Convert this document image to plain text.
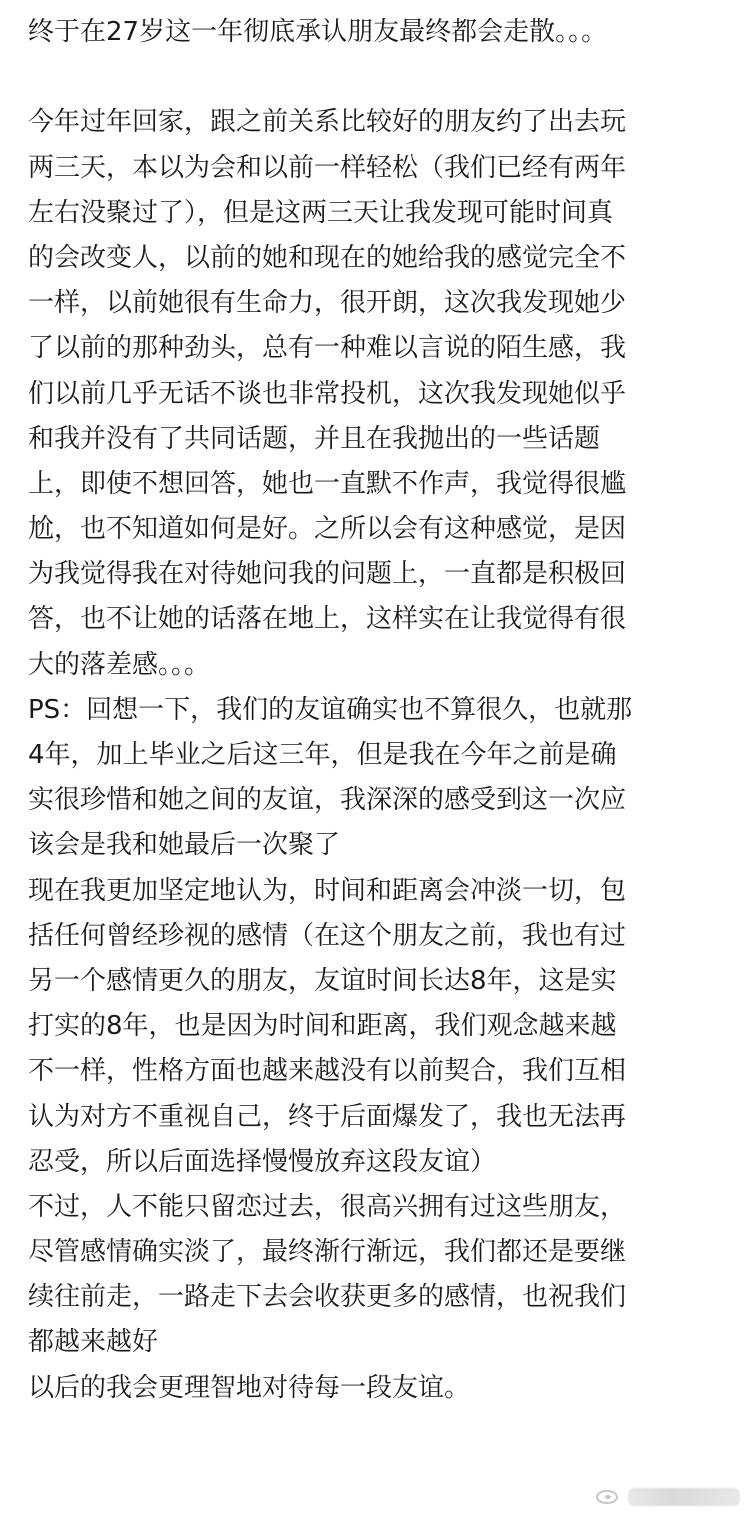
终于在27岁这一年彻底承认朋友最终都会走散。。。
今年过年回家，跟之前关系比较好的朋友约了出去玩
两三天，本以为会和以前一样轻松（我们已经有两年
左右没聚过了），但是这两三天让我发现可能时间真
的会改变人，以前的她和现在的她给我的感觉完全不
一样，以前她很有生命力，很开朗，这次我发现她少
了以前的那种劲头，总有一种难以言说的陌生感，我
们以前几乎无话不谈也非常投机，这次我发现她似乎
和我并没有了共同话题，并且在我抛出的一些话题
上，即使不想回答，她也一直默不作声，我觉得很尴
尬，也不知道如何是好。之所以会有这种感觉，是因
为我觉得我在对待她问我的问题上，一直都是积极回
答，也不让她的话落在地上，这样实在让我觉得有很
大的落差感。。。
PS：回想一下，我们的友谊确实也不算很久，也就那
4年，加上毕业之后这三年，但是我在今年之前是确
实很珍惜和她之间的友谊，我深深的感受到这一次应
该会是我和她最后一次聚了
现在我更加坚定地认为，时间和距离会冲淡一切，包
括任何曾经珍视的感情（在这个朋友之前，我也有过
另一个感情更久的朋友，友谊时间长达8年，这是实
打实的8年，也是因为时间和距离，我们观念越来越
不一样，性格方面也越来越没有以前契合，我们互相
认为对方不重视自己，终于后面爆发了，我也无法再
忍受，所以后面选择慢慢放弃这段友谊）
不过，人不能只留恋过去，很高兴拥有过这些朋友，
尽管感情确实淡了，最终渐行渐远，我们都还是要继
续往前走，一路走下去会收获更多的感情，也祝我们
都越来越好
以后的我会更理智地对待每一段友谊。
